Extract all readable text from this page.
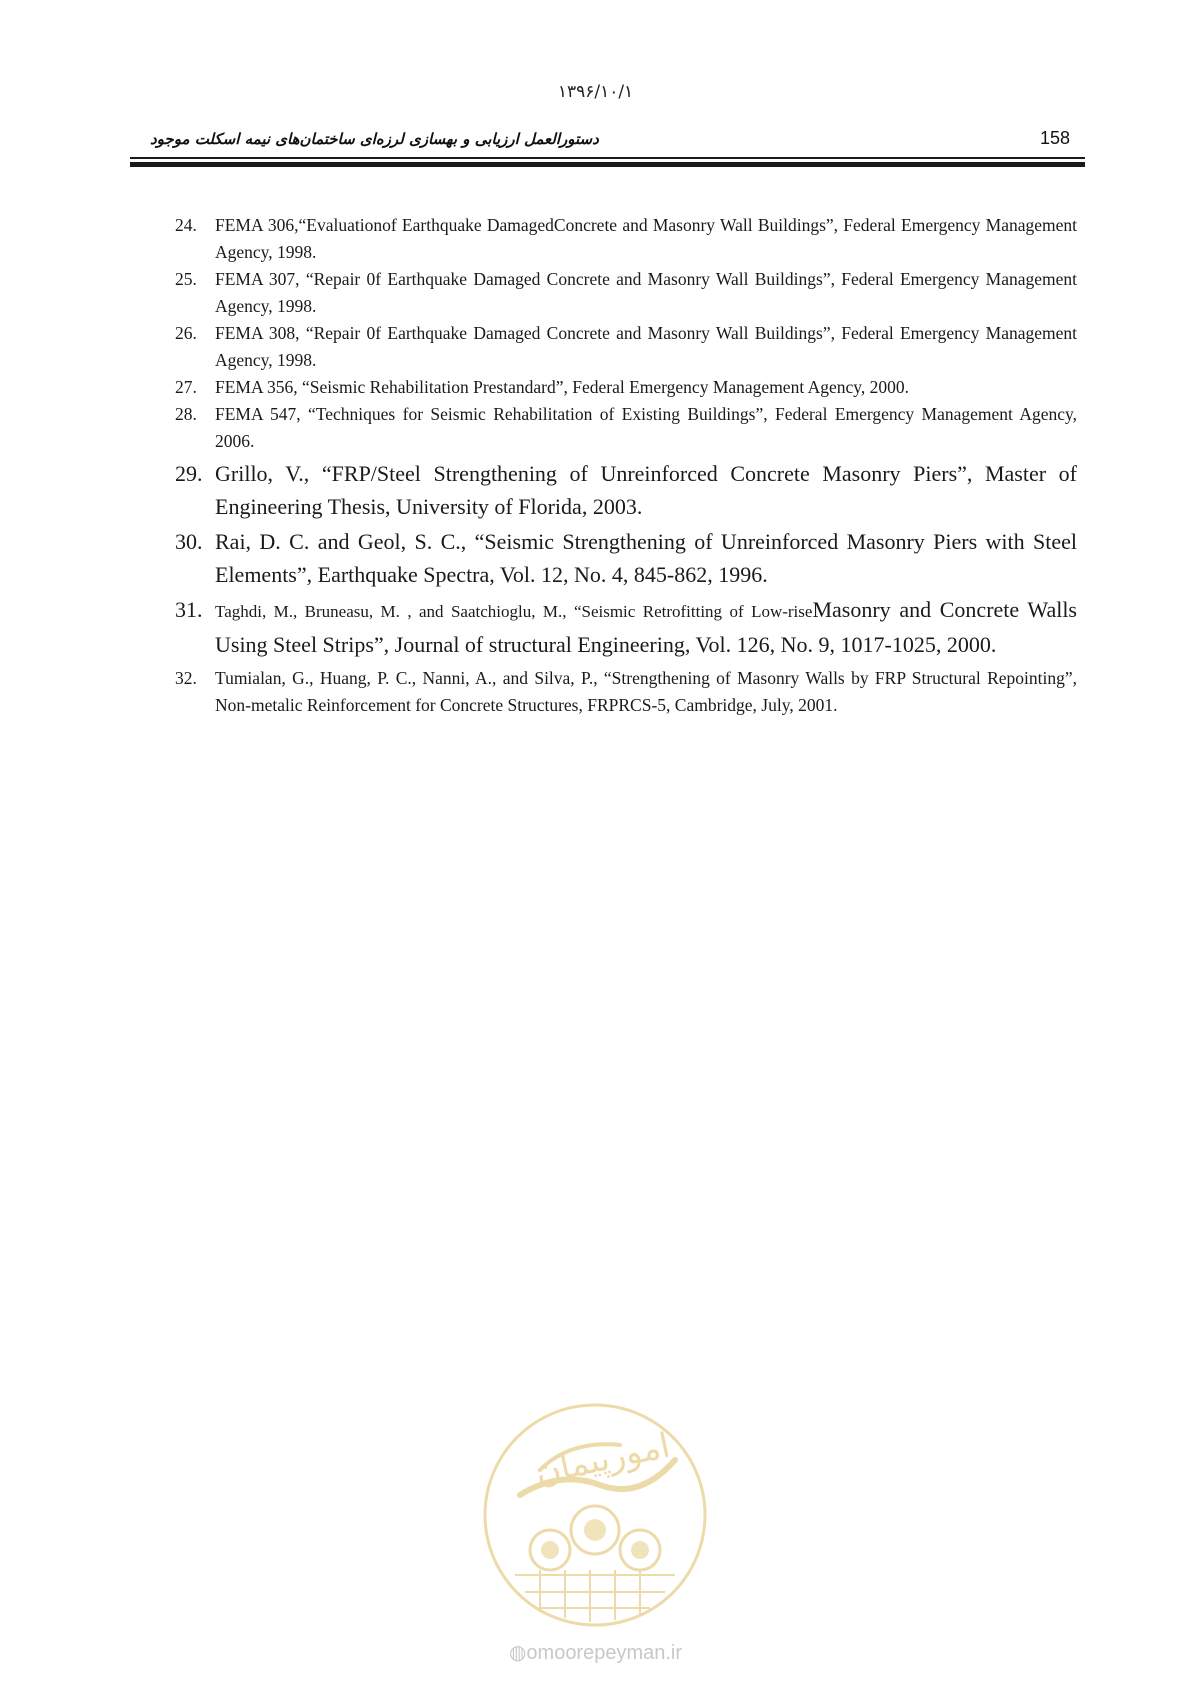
۱۳۹۶/۱۰/۱
دستورالعمل ارزیابی و بهسازی لرزه‌ای ساختمان‌های نیمه اسکلت موجود	158
24.	FEMA 306,“Evaluationof Earthquake DamagedConcrete and Masonry Wall Buildings”, Federal Emergency Management Agency, 1998.
25.	FEMA 307, “Repair 0f Earthquake Damaged Concrete and Masonry Wall Buildings”, Federal Emergency Management Agency, 1998.
26.	FEMA 308, “Repair 0f Earthquake Damaged Concrete and Masonry Wall Buildings”, Federal Emergency Management Agency, 1998.
27.	FEMA 356, “Seismic Rehabilitation Prestandard”, Federal Emergency Management Agency, 2000.
28.	FEMA 547, “Techniques for Seismic Rehabilitation of Existing Buildings”, Federal Emergency Management Agency, 2006.
29. Grillo, V., “FRP/Steel Strengthening of Unreinforced Concrete Masonry Piers”, Master of Engineering Thesis, University of Florida, 2003.
30. Rai, D. C. and Geol, S. C., “Seismic Strengthening of Unreinforced Masonry Piers with Steel Elements”, Earthquake Spectra, Vol. 12, No. 4, 845-862, 1996.
31. Taghdi, M., Bruneasu, M. , and Saatchioglu, M., “Seismic Retrofitting of Low-riseMasonry and Concrete Walls Using Steel Strips”, Journal of structural Engineering, Vol. 126, No. 9, 1017-1025, 2000.
32.	Tumialan, G., Huang, P. C., Nanni, A., and Silva, P., “Strengthening of Masonry Walls by FRP Structural Repointing”, Non-metalic Reinforcement for Concrete Structures, FRPRCS-5, Cambridge, July, 2001.
امورپیمان
◍omoorepeyman.ir
